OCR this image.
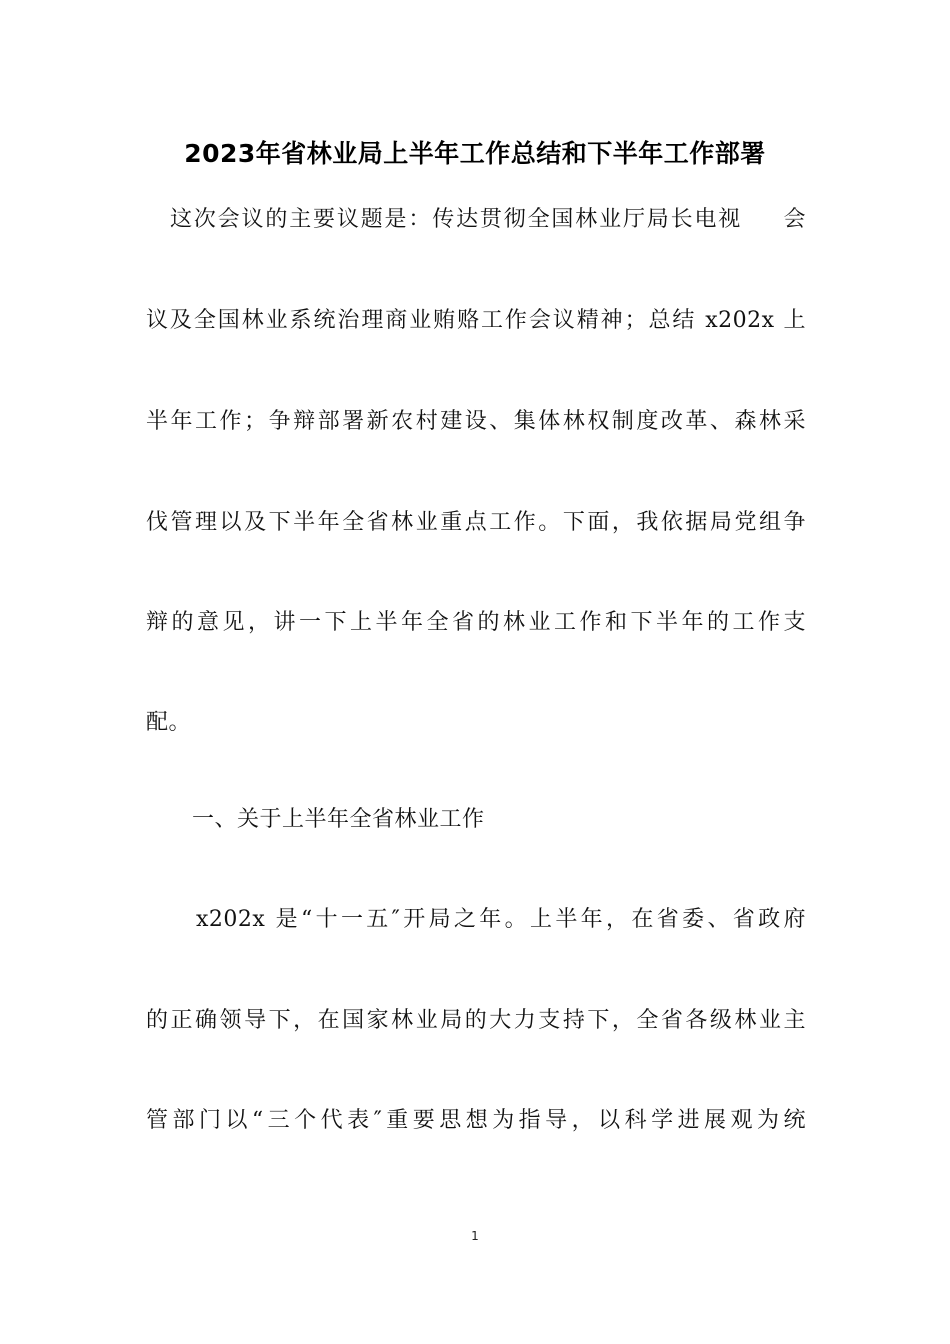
2023年省林业局上半年工作总结和下半年工作部署
这次会议的主要议题是：传达贯彻全国林业厅局长电视 会
议及全国林业系统治理商业贿赂工作会议精神；总结 x202x 上
半年工作；争辩部署新农村建设、集体林权制度改革、森林采
伐管理以及下半年全省林业重点工作。下面，我依据局党组争
辩的意见，讲一下上半年全省的林业工作和下半年的工作支
配。
一、关于上半年全省林业工作
x202x 是“十一五″开局之年。上半年，在省委、省政府
的正确领导下，在国家林业局的大力支持下，全省各级林业主
管部门以“三个代表″重要思想为指导，以科学进展观为统
1
